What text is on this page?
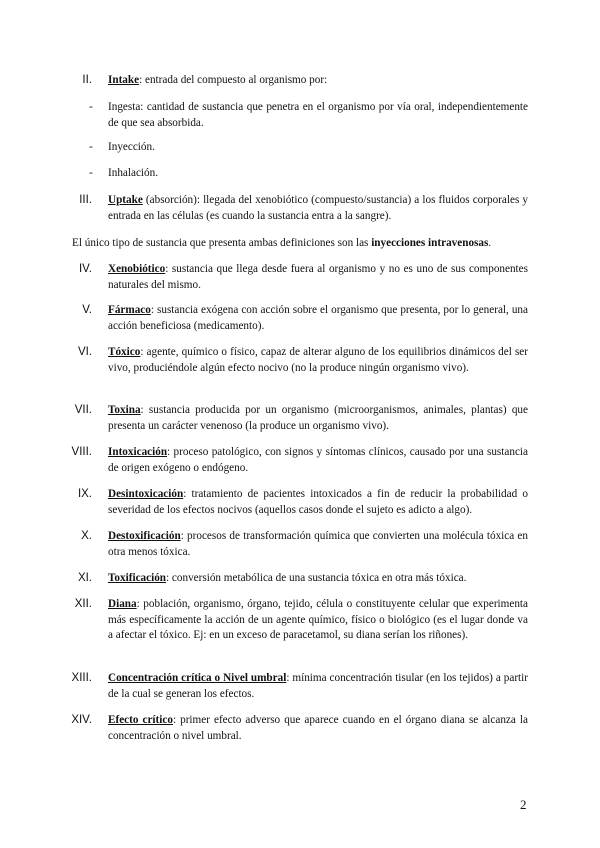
II. Intake: entrada del compuesto al organismo por:
- Ingesta: cantidad de sustancia que penetra en el organismo por vía oral, independientemente de que sea absorbida.
- Inyección.
- Inhalación.
III. Uptake (absorción): llegada del xenobiótico (compuesto/sustancia) a los fluidos corporales y entrada en las células (es cuando la sustancia entra a la sangre).
El único tipo de sustancia que presenta ambas definiciones son las inyecciones intravenosas.
IV. Xenobiótico: sustancia que llega desde fuera al organismo y no es uno de sus componentes naturales del mismo.
V. Fármaco: sustancia exógena con acción sobre el organismo que presenta, por lo general, una acción beneficiosa (medicamento).
VI. Tóxico: agente, químico o físico, capaz de alterar alguno de los equilibrios dinámicos del ser vivo, produciéndole algún efecto nocivo (no la produce ningún organismo vivo).
VII. Toxina: sustancia producida por un organismo (microorganismos, animales, plantas) que presenta un carácter venenoso (la produce un organismo vivo).
VIII. Intoxicación: proceso patológico, con signos y síntomas clínicos, causado por una sustancia de origen exógeno o endógeno.
IX. Desintoxicación: tratamiento de pacientes intoxicados a fin de reducir la probabilidad o severidad de los efectos nocivos (aquellos casos donde el sujeto es adicto a algo).
X. Destoxificación: procesos de transformación química que convierten una molécula tóxica en otra menos tóxica.
XI. Toxificación: conversión metabólica de una sustancia tóxica en otra más tóxica.
XII. Diana: población, organismo, órgano, tejido, célula o constituyente celular que experimenta más específicamente la acción de un agente químico, físico o biológico (es el lugar donde va a afectar el tóxico. Ej: en un exceso de paracetamol, su diana serían los riñones).
XIII. Concentración crítica o Nivel umbral: mínima concentración tisular (en los tejidos) a partir de la cual se generan los efectos.
XIV. Efecto crítico: primer efecto adverso que aparece cuando en el órgano diana se alcanza la concentración o nivel umbral.
2
